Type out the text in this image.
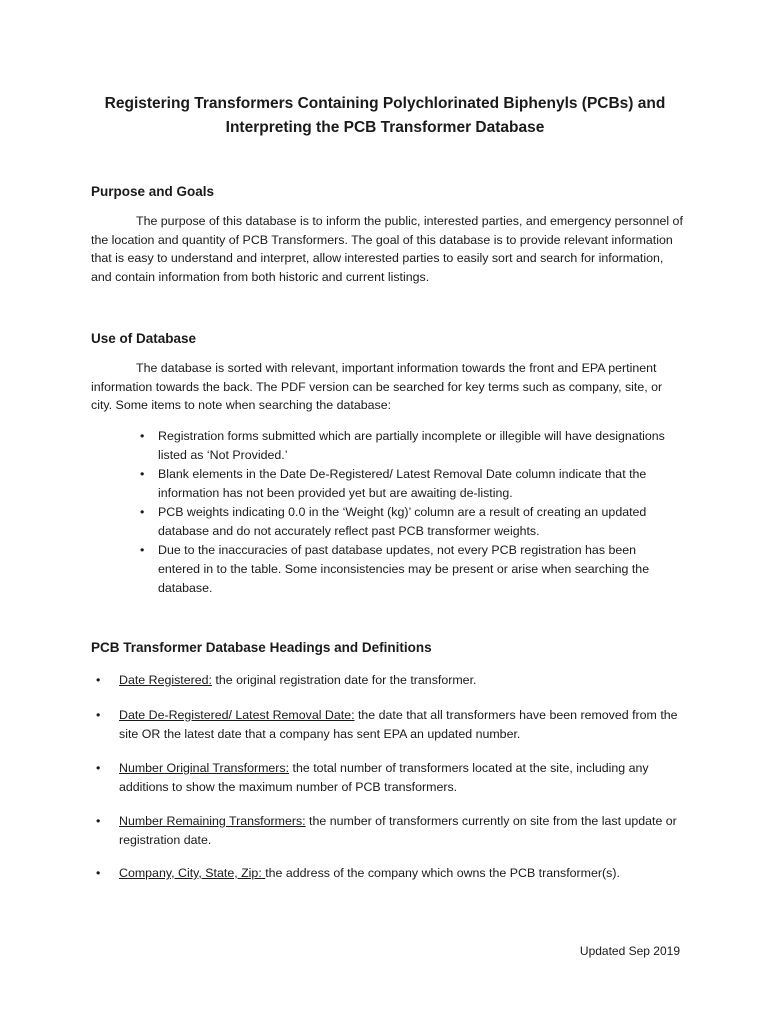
Registering Transformers Containing Polychlorinated Biphenyls (PCBs) and
Interpreting the PCB Transformer Database
Purpose and Goals

The purpose of this database is to inform the public, interested parties, and emergency personnel of the location and quantity of PCB Transformers. The goal of this database is to provide relevant information that is easy to understand and interpret, allow interested parties to easily sort and search for information, and contain information from both historic and current listings.

Use of Database

The database is sorted with relevant, important information towards the front and EPA pertinent information towards the back. The PDF version can be searched for key terms such as company, site, or city. Some items to note when searching the database:

• Registration forms submitted which are partially incomplete or illegible will have designations listed as ‘Not Provided.’
• Blank elements in the Date De-Registered/ Latest Removal Date column indicate that the information has not been provided yet but are awaiting de-listing.
• PCB weights indicating 0.0 in the ‘Weight (kg)’ column are a result of creating an updated database and do not accurately reflect past PCB transformer weights.
• Due to the inaccuracies of past database updates, not every PCB registration has been entered in to the table. Some inconsistencies may be present or arise when searching the database.
PCB Transformer Database Headings and Definitions
• Date Registered: the original registration date for the transformer.
• Date De-Registered/ Latest Removal Date: the date that all transformers have been removed from the site OR the latest date that a company has sent EPA an updated number.
• Number Original Transformers: the total number of transformers located at the site, including any additions to show the maximum number of PCB transformers.
• Number Remaining Transformers: the number of transformers currently on site from the last update or registration date.
• Company, City, State, Zip: the address of the company which owns the PCB transformer(s).
Updated Sep 2019
